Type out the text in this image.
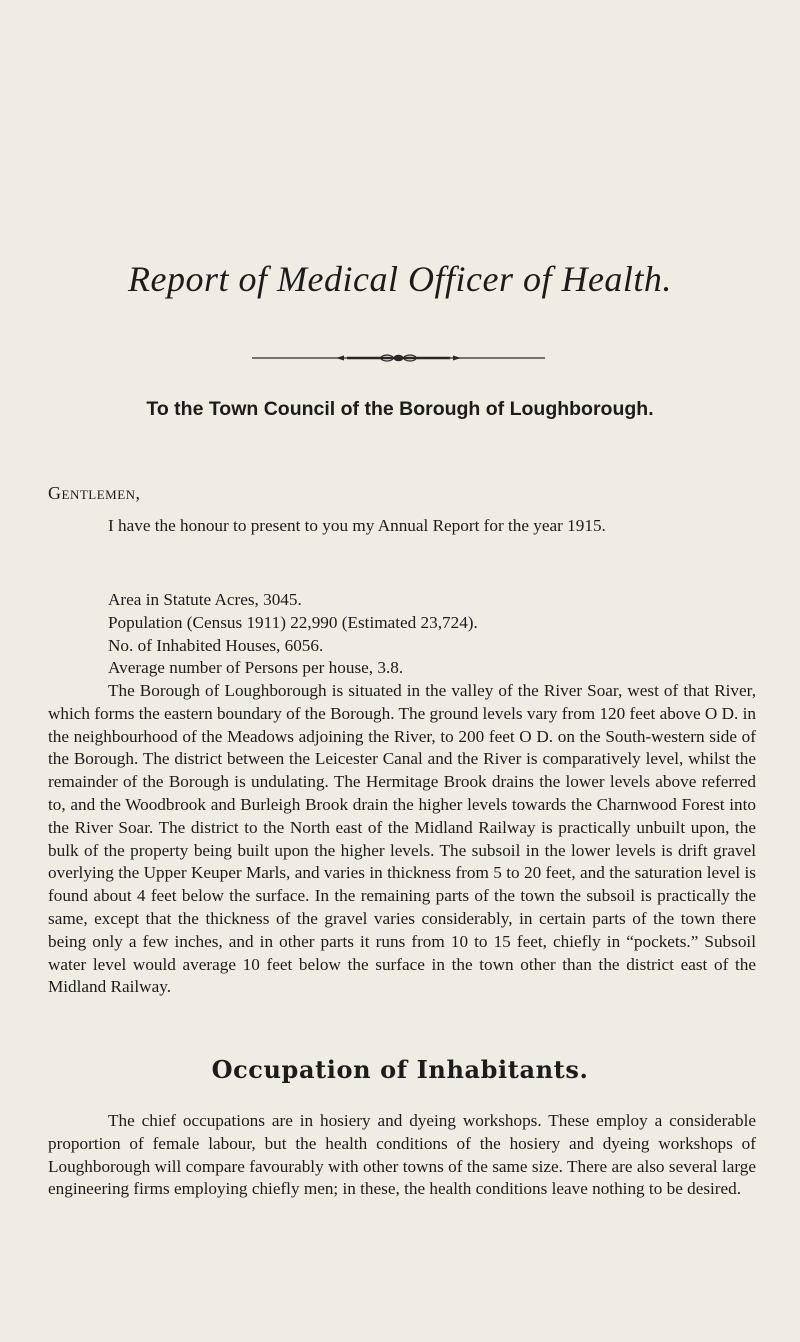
Report of Medical Officer of Health.
To the Town Council of the Borough of Loughborough.

Gentlemen,

I have the honour to present to you my Annual Report for the year 1915.

Area in Statute Acres, 3045.
Population (Census 1911) 22,990 (Estimated 23,724).
No. of Inhabited Houses, 6056.
Average number of Persons per house, 3.8.

The Borough of Loughborough is situated in the valley of the River Soar, west of that River, which forms the eastern boundary of the Borough. The ground levels vary from 120 feet above O D. in the neighbourhood of the Meadows adjoining the River, to 200 feet O D. on the South-western side of the Borough. The district between the Leicester Canal and the River is comparatively level, whilst the remainder of the Borough is undulating. The Hermitage Brook drains the lower levels above referred to, and the Woodbrook and Burleigh Brook drain the higher levels towards the Charnwood Forest into the River Soar. The district to the North east of the Midland Railway is practically unbuilt upon, the bulk of the property being built upon the higher levels. The subsoil in the lower levels is drift gravel overlying the Upper Keuper Marls, and varies in thickness from 5 to 20 feet, and the saturation level is found about 4 feet below the surface. In the remaining parts of the town the subsoil is practically the same, except that the thickness of the gravel varies considerably, in certain parts of the town there being only a few inches, and in other parts it runs from 10 to 15 feet, chiefly in “pockets.” Subsoil water level would average 10 feet below the surface in the town other than the district east of the Midland Railway.

Occupation of Inhabitants.

The chief occupations are in hosiery and dyeing workshops. These employ a considerable proportion of female labour, but the health conditions of the hosiery and dyeing workshops of Loughborough will compare favourably with other towns of the same size. There are also several large engineering firms employing chiefly men; in these, the health conditions leave nothing to be desired.
